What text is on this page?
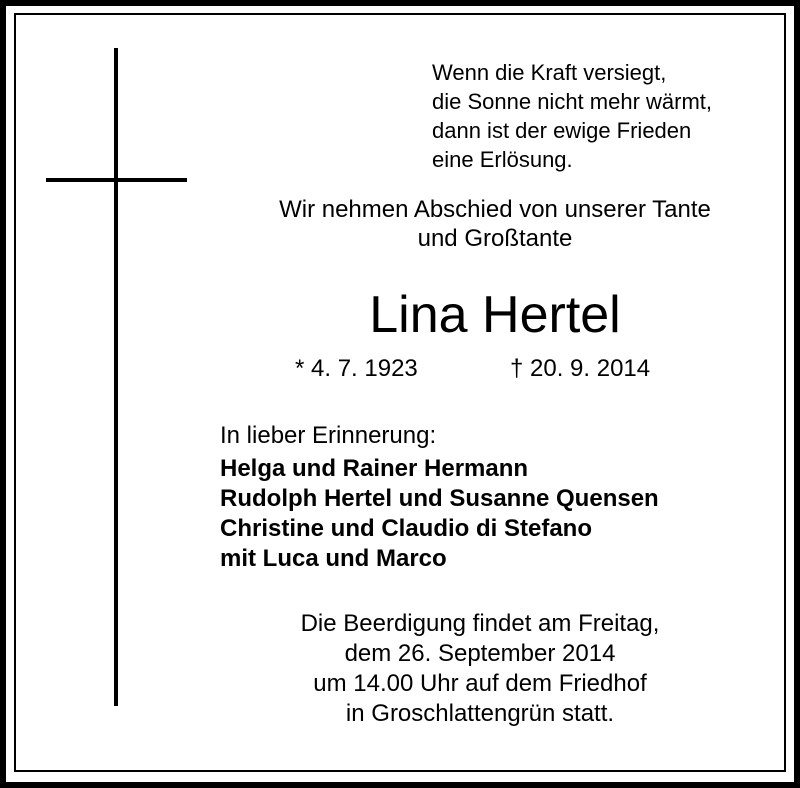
Wenn die Kraft versiegt,
die Sonne nicht mehr wärmt,
dann ist der ewige Frieden
eine Erlösung.
Wir nehmen Abschied von unserer Tante
und Großtante
Lina Hertel
* 4. 7. 1923	† 20. 9. 2014
In lieber Erinnerung:
Helga und Rainer Hermann
Rudolph Hertel und Susanne Quensen
Christine und Claudio di Stefano
mit Luca und Marco
Die Beerdigung findet am Freitag,
dem 26. September 2014
um 14.00 Uhr auf dem Friedhof
in Groschlattengrün statt.
